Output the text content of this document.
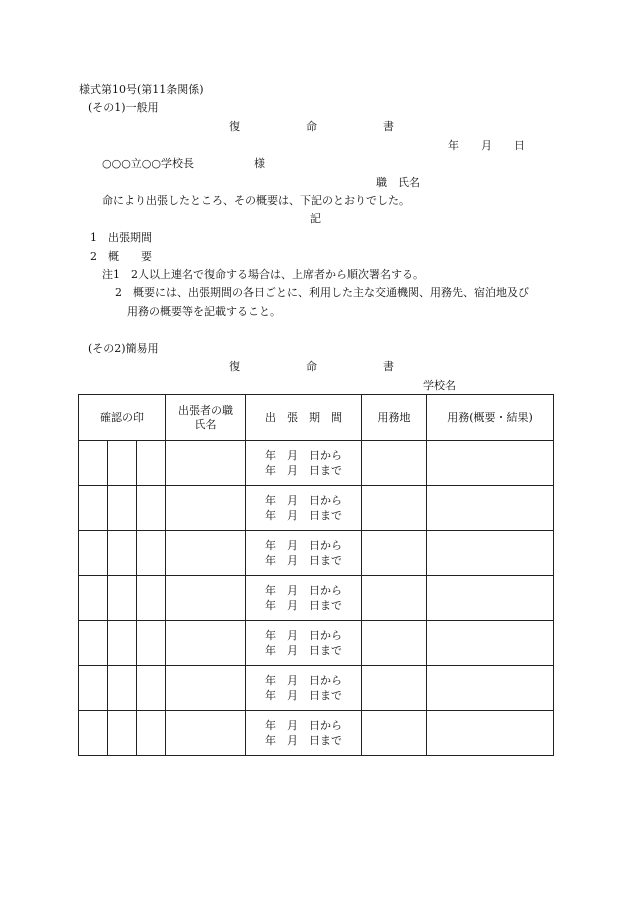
様式第10号(第11条関係)
(その1)一般用
復　　　　　　命　　　　　　書
年　　月　　日
○○○立○○学校長	様
職　氏名
命により出張したところ、その概要は、下記のとおりでした。
記
1　出張期間
2　概　　要
注1　2人以上連名で復命する場合は、上席者から順次署名する。
2　概要には、出張期間の各日ごとに、利用した主な交通機関、用務先、宿泊地及び
用務の概要等を記載すること。
(その2)簡易用
復　　　　　　命　　　　　　書
学校名
確認の印			出張者の職
氏名	出　張　期　間	用務地	用務(概要・結果)

				年　月　日から
年　月　日まで		

				年　月　日から
年　月　日まで		

				年　月　日から
年　月　日まで		

				年　月　日から
年　月　日まで		

				年　月　日から
年　月　日まで		

				年　月　日から
年　月　日まで		

				年　月　日から
年　月　日まで		
